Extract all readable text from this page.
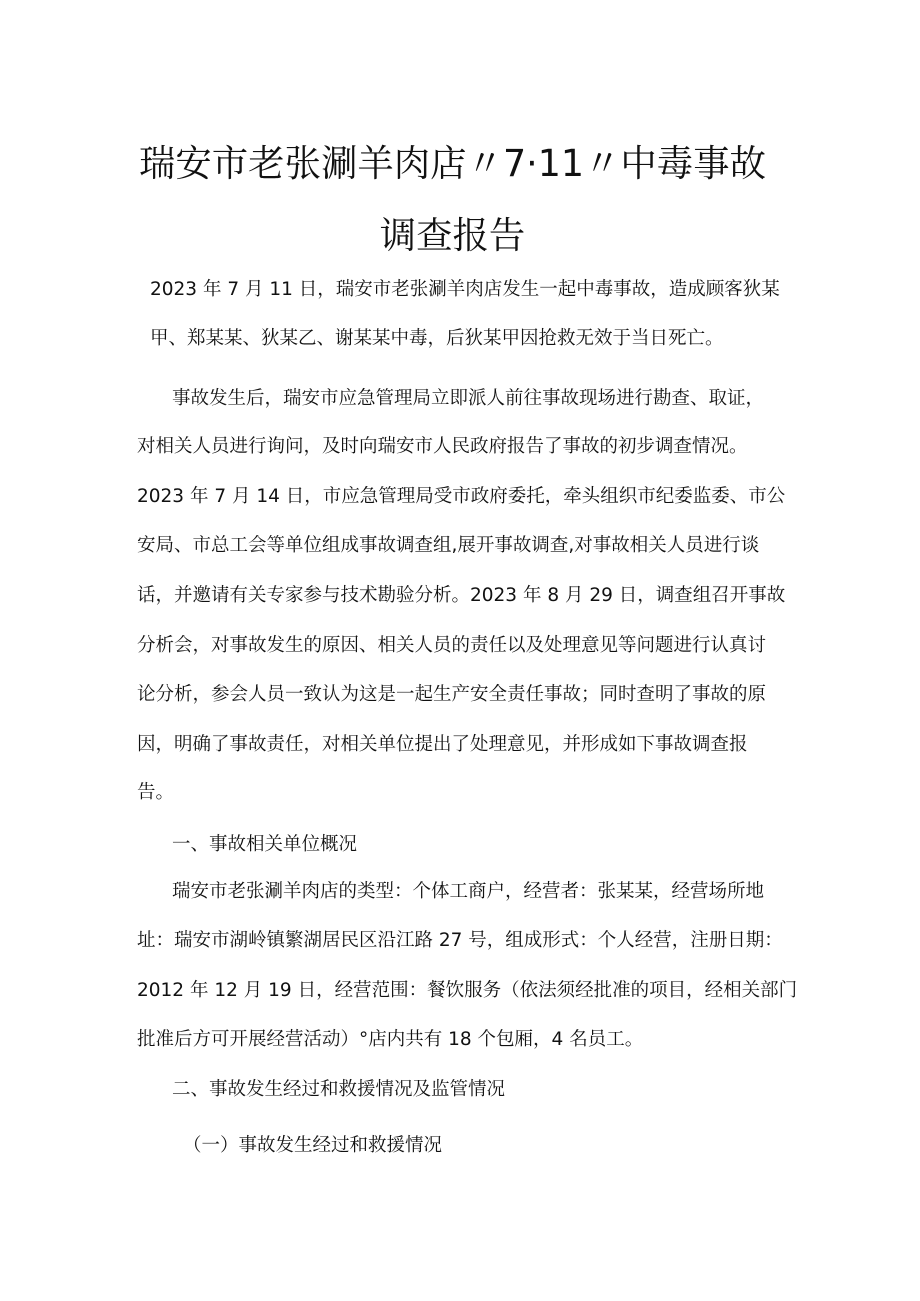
瑞安市老张涮羊肉店〃7·11〃中毒事故
调查报告
2023 年 7 月 11 日，瑞安市老张涮羊肉店发生一起中毒事故，造成顾客狄某
甲、郑某某、狄某乙、谢某某中毒，后狄某甲因抢救无效于当日死亡。
事故发生后，瑞安市应急管理局立即派人前往事故现场进行勘查、取证，
对相关人员进行询问，及时向瑞安市人民政府报告了事故的初步调查情况。
2023 年 7 月 14 日，市应急管理局受市政府委托，牵头组织市纪委监委、市公
安局、市总工会等单位组成事故调查组,展开事故调查,对事故相关人员进行谈
话，并邀请有关专家参与技术勘验分析。2023 年 8 月 29 日，调查组召开事故
分析会，对事故发生的原因、相关人员的责任以及处理意见等问题进行认真讨
论分析，参会人员一致认为这是一起生产安全责任事故；同时查明了事故的原
因，明确了事故责任，对相关单位提出了处理意见，并形成如下事故调查报
告。
一、事故相关单位概况
瑞安市老张涮羊肉店的类型：个体工商户，经营者：张某某，经营场所地
址：瑞安市湖岭镇繁湖居民区沿江路 27 号，组成形式：个人经营，注册日期：
2012 年 12 月 19 日，经营范围：餐饮服务（依法须经批准的项目，经相关部门
批准后方可开展经营活动）°店内共有 18 个包厢，4 名员工。
二、事故发生经过和救援情况及监管情况
（一）事故发生经过和救援情况
